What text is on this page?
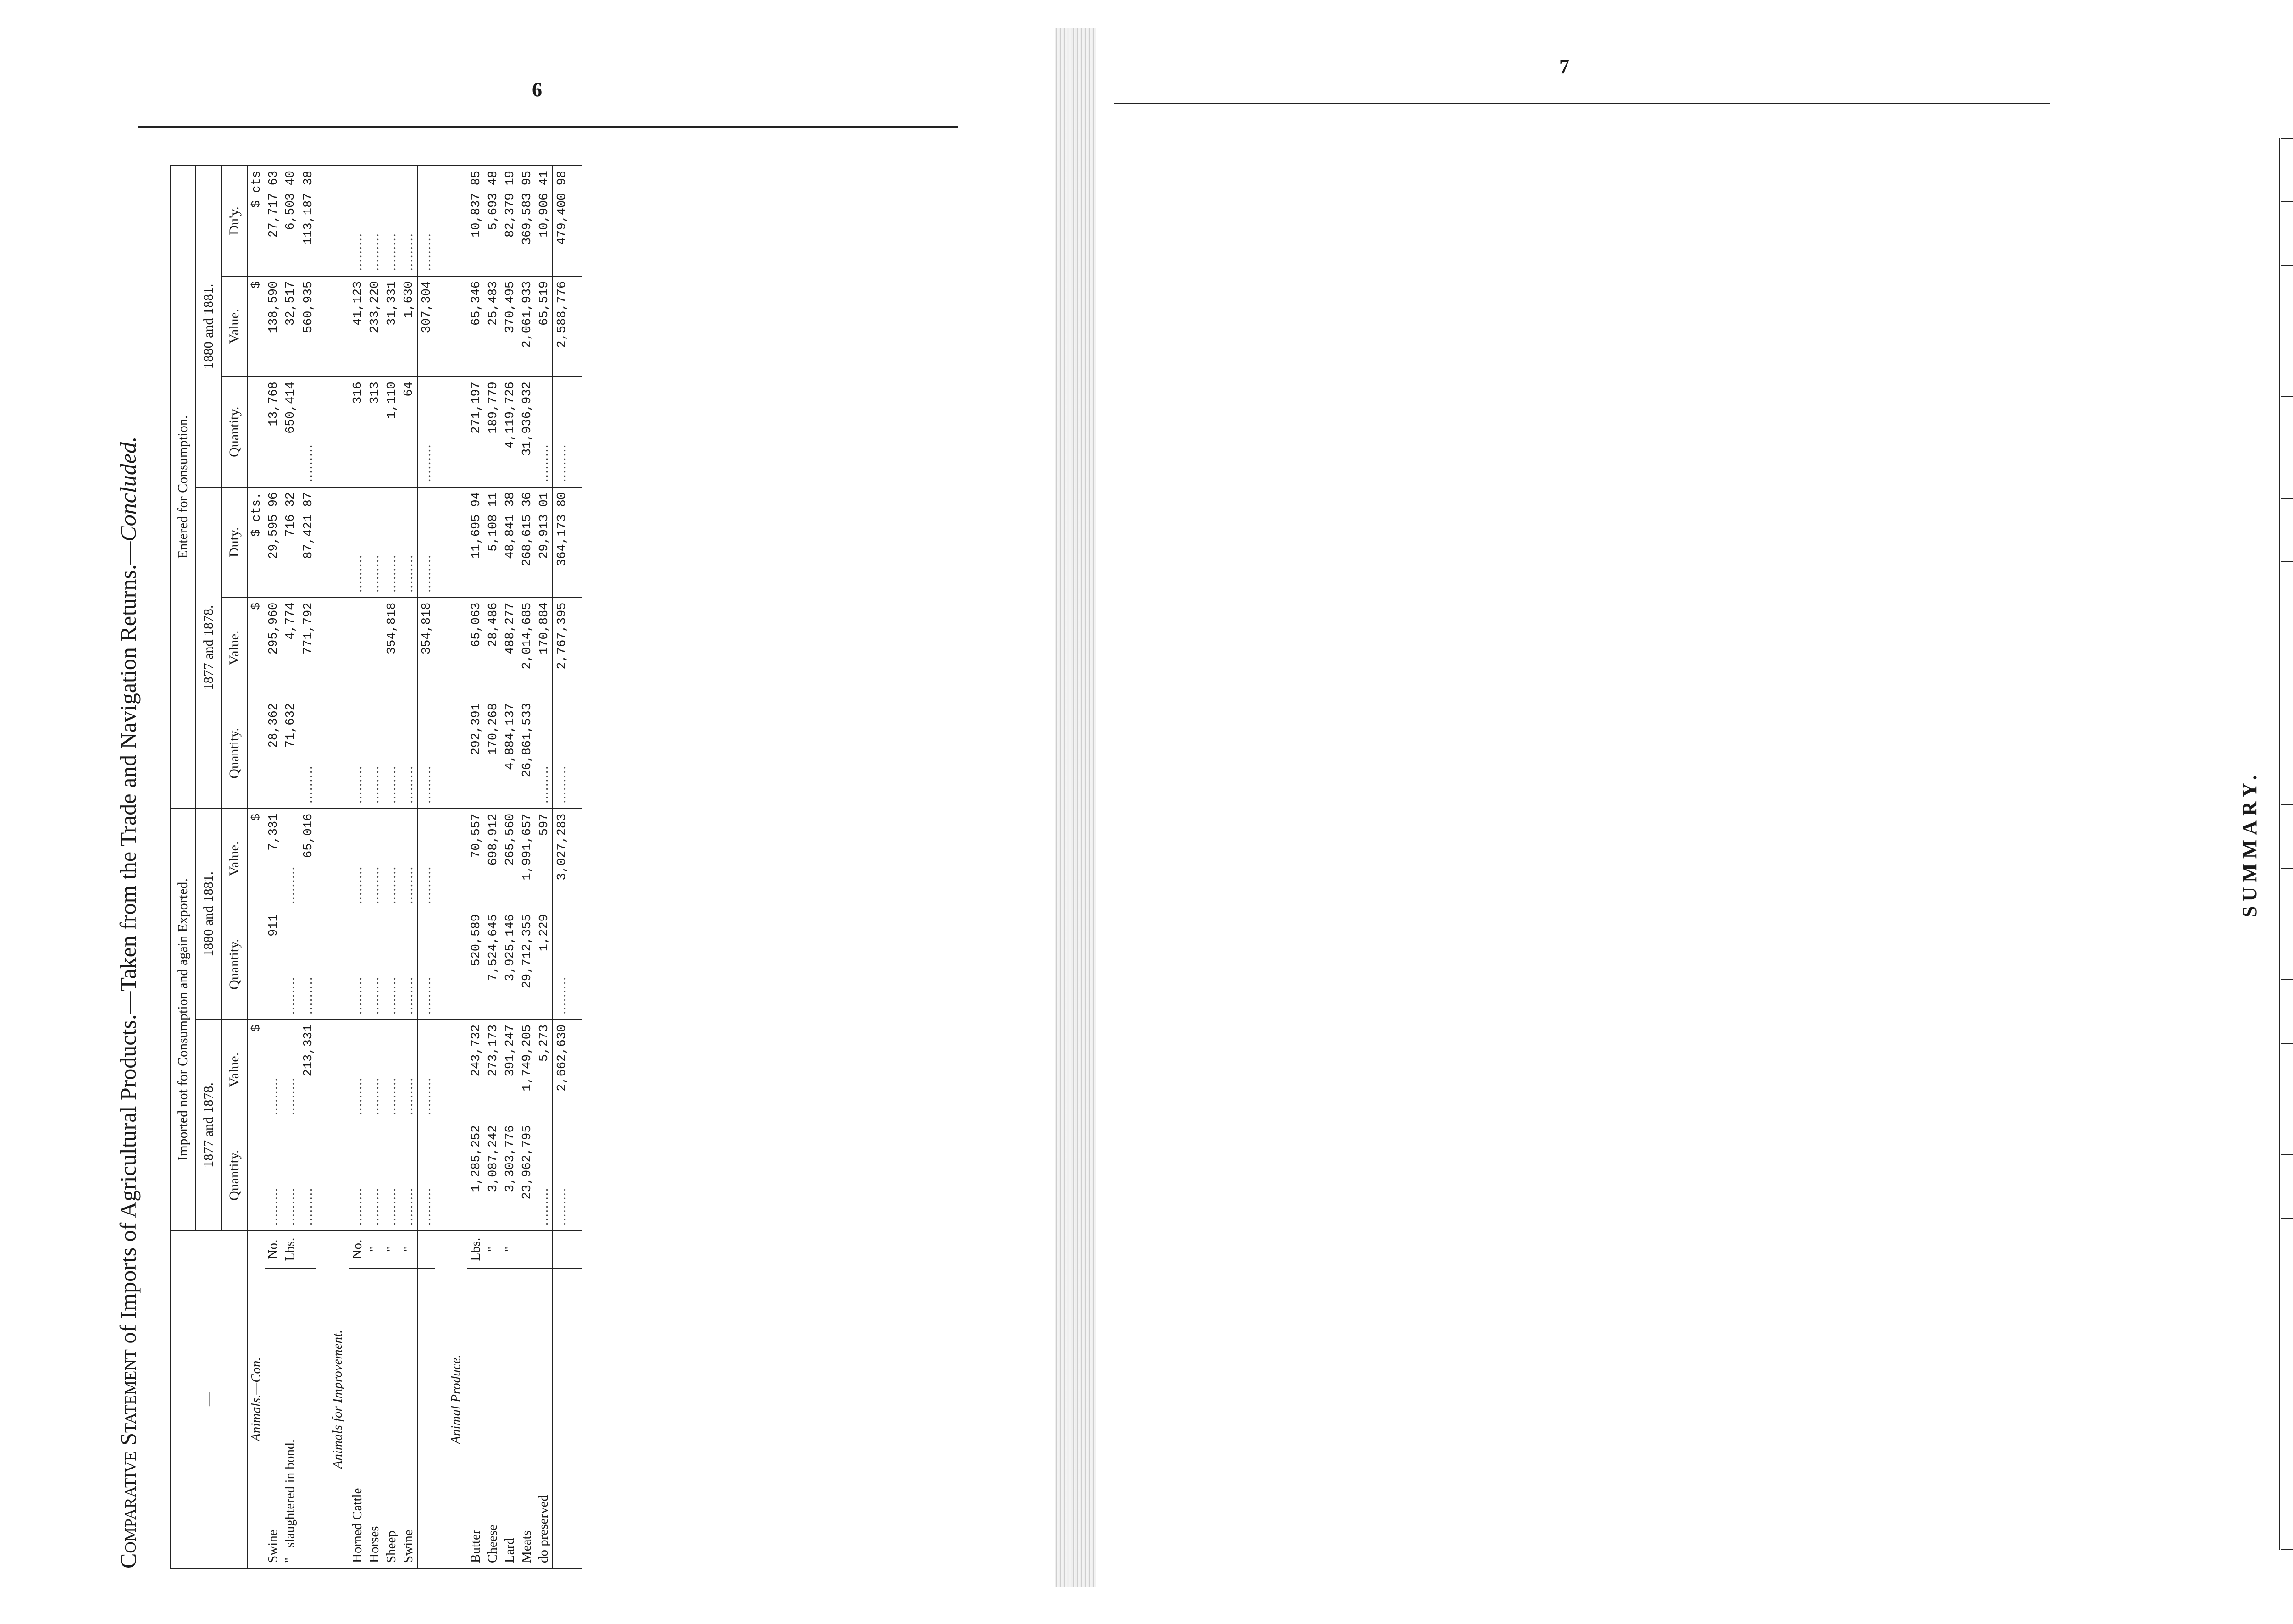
6
Comparative Statement of Imports of Agricultural Products.—Taken from the Trade and Navigation Returns.—Concluded.
—		Imported not for Consumption and again Exported.				Entered for Consumption.					
		1877 and 1878.		1880 and 1881.		1877 and 1878.			1880 and 1881.		
		Quantity.	Value.	Quantity.	Value.	Quantity.	Value.	Duty.	Quantity.	Value.	Du'y.
Animals.—Con.			$		$		$	$ cts.		$	$ cts
Swine	No.	.........	.........	911	7,331	28,362	295,960	29,595 96	13,768	138,590	27,717 63
"   slaughtered in bond.	Lbs.	.........	.........	.........	.........	71,632	4,774	716 32	650,414	32,517	6,503 40
		.........	213,331	.........	65,016	.........	771,792	87,421 87	.........	560,935	113,187 38
Animals for Improvement.											
Horned Cattle	No.	.........	.........	.........	.........	.........		.........	316	41,123	.........
Horses	"	.........	.........	.........	.........	.........		.........	313	233,220	.........
Sheep	"	.........	.........	.........	.........	.........	354,818	.........	1,110	31,331	.........
Swine	"	.........	.........	.........	.........	.........		.........	64	1,630	.........
		.........	.........	.........	.........	.........	354,818	.........	.........	307,304	.........
Animal Produce.											
Butter	Lbs.	1,285,252	243,732	520,589	70,557	292,391	65,063	11,695 94	271,197	65,346	10,837 85
Cheese	"	3,087,242	273,173	7,524,645	698,912	170,268	28,486	5,108 11	189,779	25,483	5,693 48
Lard	"	3,303,776	391,247	3,925,146	265,560	4,884,137	488,277	48,841 38	4,119,726	370,495	82,379 19
Meats		23,962,795	1,749,205	29,712,355	1,991,657	26,861,533	2,014,685	268,615 36	31,936,932	2,061,933	369,583 95
do preserved		.........	5,273	1,229	597	.........	170,884	29,913 01	.........	65,519	10,906 41
		.........	2,662,630	.........	3,027,283	.........	2,767,395	364,173 80	.........	2,588,776	479,400 98

7
SUMMARY.
